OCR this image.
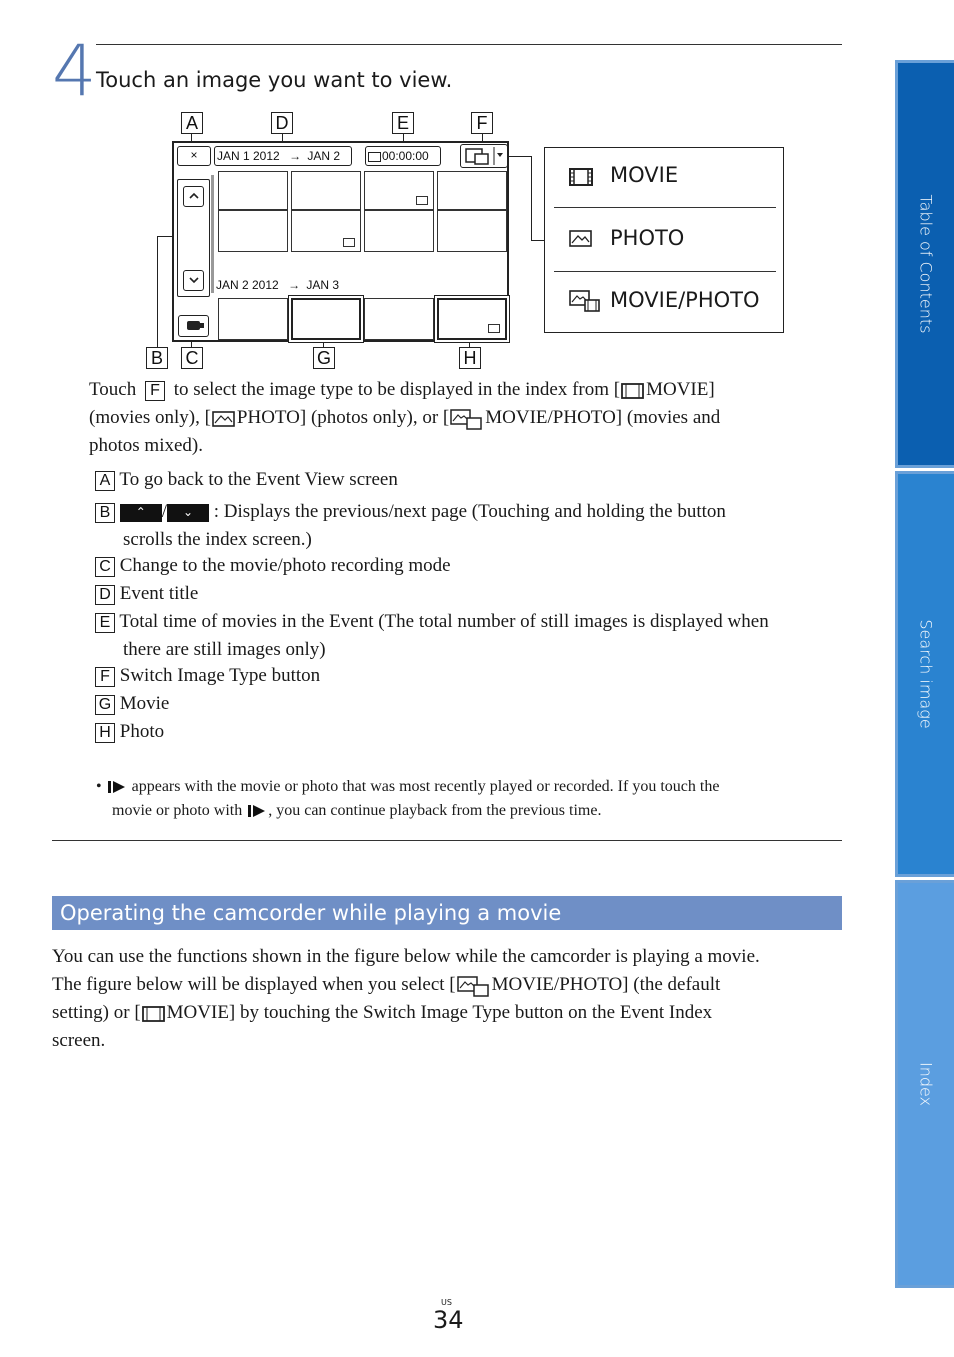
4 Touch an image you want to view.
A	D	E	F
B C	G	H
×	JAN 1 2012 → JAN 2	00:00:00
JAN 2 2012 → JAN 3
MOVIE
PHOTO
MOVIE/PHOTO
Touch F to select the image type to be displayed in the index from [ MOVIE]
(movies only), [ PHOTO] (photos only), or [ MOVIE/PHOTO] (movies and
photos mixed).
A To go back to the Event View screen
B ⌃ / ⌄ : Displays the previous/next page (Touching and holding the button
scrolls the index screen.)
C Change to the movie/photo recording mode
D Event title
E Total time of movies in the Event (The total number of still images is displayed when
there are still images only)
F Switch Image Type button
G Movie
H Photo
• appears with the movie or photo that was most recently played or recorded. If you touch the
movie or photo with , you can continue playback from the previous time.
Operating the camcorder while playing a movie
You can use the functions shown in the figure below while the camcorder is playing a movie.
The figure below will be displayed when you select [ MOVIE/PHOTO] (the default
setting) or [ MOVIE] by touching the Switch Image Type button on the Event Index
screen.
Table of Contents
Search image
Index
US
34
